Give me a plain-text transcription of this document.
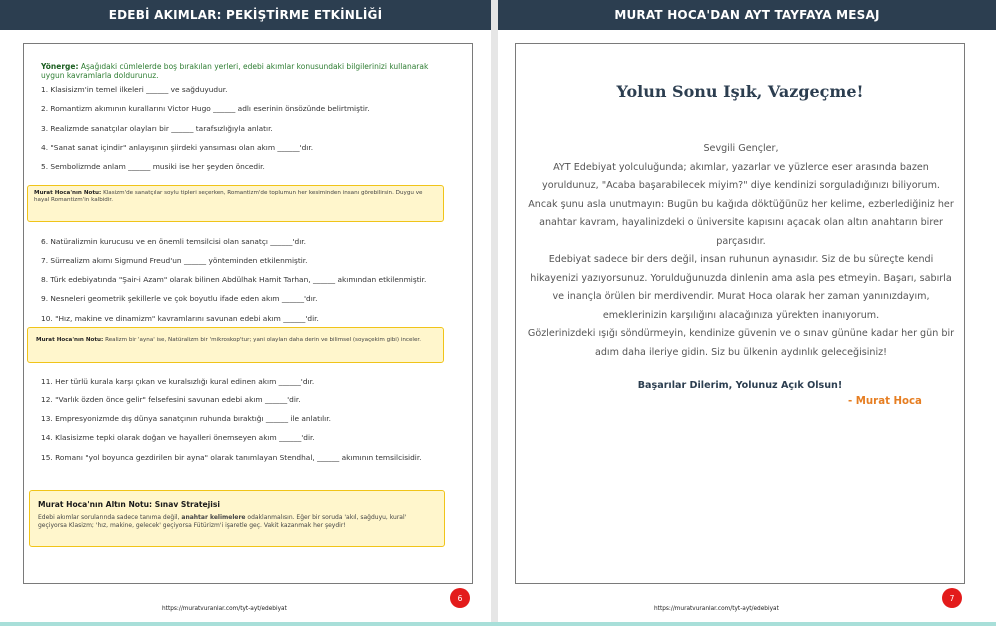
EDEBİ AKIMLAR: PEKİŞTİRME ETKİNLİĞİ
Yönerge: Aşağıdaki cümlelerde boş bırakılan yerleri, edebi akımlar konusundaki bilgilerinizi kullanarak uygun kavramlarla doldurunuz.
1. Klasisizm'in temel ilkeleri ______ ve sağduyudur.
2. Romantizm akımının kurallarını Victor Hugo ______ adlı eserinin önsözünde belirtmiştir.
3. Realizmde sanatçılar olayları bir ______ tarafsızlığıyla anlatır.
4. "Sanat sanat içindir" anlayışının şiirdeki yansıması olan akım ______'dır.
5. Sembolizmde anlam ______ musiki ise her şeyden öncedir.
Murat Hoca'nın Notu: Klasizm'de sanatçılar soylu tipleri seçerken, Romantizm'de toplumun her kesiminden insanı görebilirsin. Duygu ve hayal Romantizm'in kalbidir.
6. Natüralizmin kurucusu ve en önemli temsilcisi olan sanatçı ______'dır.
7. Sürrealizm akımı Sigmund Freud'un ______ yönteminden etkilenmiştir.
8. Türk edebiyatında "Şair-i Azam" olarak bilinen Abdülhak Hamit Tarhan, ______ akımından etkilenmiştir.
9. Nesneleri geometrik şekillerle ve çok boyutlu ifade eden akım ______'dır.
10. "Hız, makine ve dinamizm" kavramlarını savunan edebi akım ______'dir.
Murat Hoca'nın Notu: Realizm bir 'ayna' ise, Natüralizm bir 'mikroskop'tur; yani olayları daha derin ve bilimsel (soyaçekim gibi) inceler.
11. Her türlü kurala karşı çıkan ve kuralsızlığı kural edinen akım ______'dır.
12. "Varlık özden önce gelir" felsefesini savunan edebi akım ______'dir.
13. Empresyonizmde dış dünya sanatçının ruhunda bıraktığı ______ ile anlatılır.
14. Klasisizme tepki olarak doğan ve hayalleri önemseyen akım ______'dir.
15. Romanı "yol boyunca gezdirilen bir ayna" olarak tanımlayan Stendhal, ______ akımının temsilcisidir.
Murat Hoca'nın Altın Notu: Sınav Stratejisi
Edebi akımlar sorularında sadece tanıma değil, anahtar kelimelere odaklanmalısın. Eğer bir soruda 'akıl, sağduyu, kural' geçiyorsa Klasizm; 'hız, makine, gelecek' geçiyorsa Fütürizm'i işaretle geç. Vakit kazanmak her şeydir!
https://muratvuranlar.com/tyt-ayt/edebiyat
6
MURAT HOCA'DAN AYT TAYFAYA MESAJ
Yolun Sonu Işık, Vazgeçme!

Sevgili Gençler,

AYT Edebiyat yolculuğunda; akımlar, yazarlar ve yüzlerce eser arasında bazen yoruldunuz, "Acaba başarabilecek miyim?" diye kendinizi sorguladığınızı biliyorum. Ancak şunu asla unutmayın: Bugün bu kağıda döktüğünüz her kelime, ezberlediğiniz her anahtar kavram, hayalinizdeki o üniversite kapısını açacak olan altın anahtarın birer parçasıdır.

Edebiyat sadece bir ders değil, insan ruhunun aynasıdır. Siz de bu süreçte kendi hikayenizi yazıyorsunuz. Yorulduğunuzda dinlenin ama asla pes etmeyin. Başarı, sabırla ve inançla örülen bir merdivendir. Murat Hoca olarak her zaman yanınızdayım, emeklerinizin karşılığını alacağınıza yürekten inanıyorum.

Gözlerinizdeki ışığı söndürmeyin, kendinize güvenin ve o sınav gününe kadar her gün bir adım daha ileriye gidin. Siz bu ülkenin aydınlık geleceğisiniz!

Başarılar Dilerim, Yolunuz Açık Olsun!
- Murat Hoca
https://muratvuranlar.com/tyt-ayt/edebiyat
7
